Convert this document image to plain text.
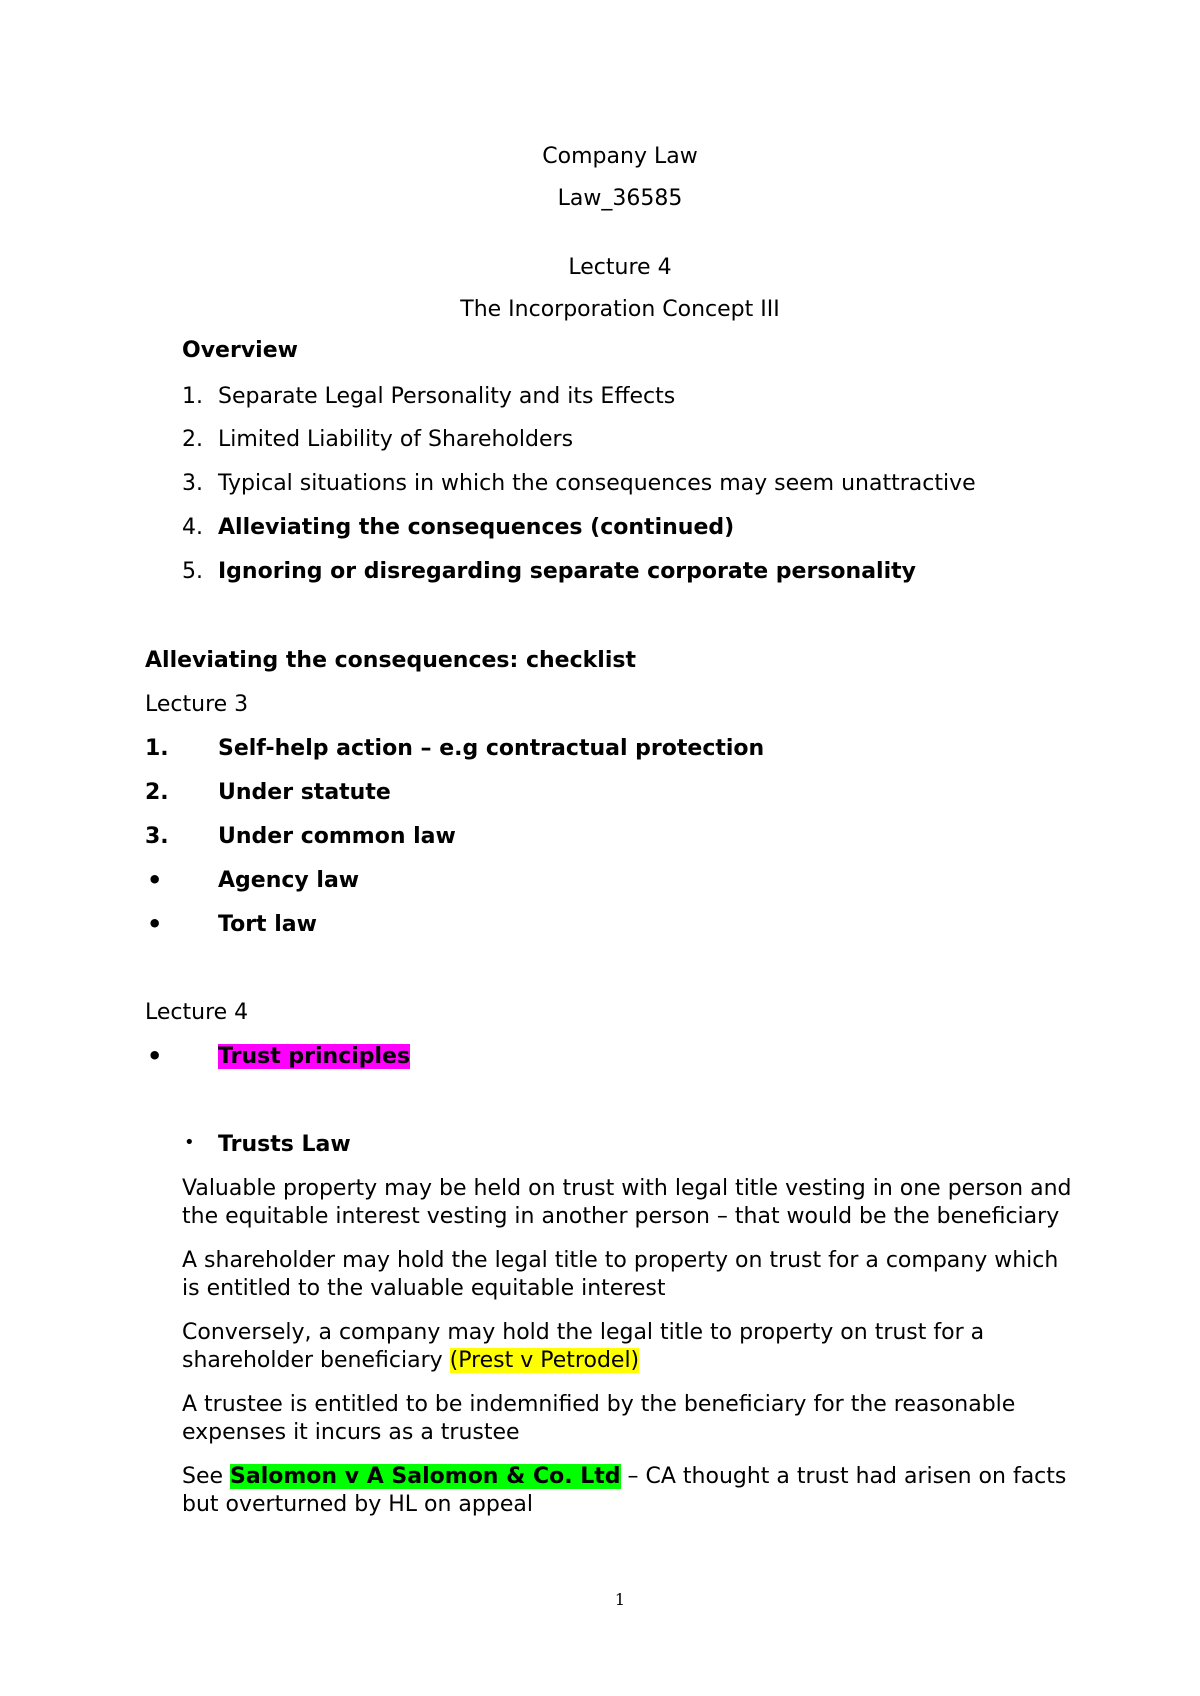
Company Law
Law_36585
Lecture 4
The Incorporation Concept III
Overview
1. Separate Legal Personality and its Effects
2. Limited Liability of Shareholders
3. Typical situations in which the consequences may seem unattractive
4. Alleviating the consequences (continued)
5. Ignoring or disregarding separate corporate personality
Alleviating the consequences: checklist
Lecture 3
1. Self-help action – e.g contractual protection
2. Under statute
3. Under common law
•	Agency law
•	Tort law
Lecture 4
•	Trust principles
• Trusts Law
Valuable property may be held on trust with legal title vesting in one person and the equitable interest vesting in another person – that would be the beneficiary
A shareholder may hold the legal title to property on trust for a company which is entitled to the valuable equitable interest
Conversely, a company may hold the legal title to property on trust for a shareholder beneficiary (Prest v Petrodel)
A trustee is entitled to be indemnified by the beneficiary for the reasonable expenses it incurs as a trustee
See Salomon v A Salomon & Co. Ltd – CA thought a trust had arisen on facts but overturned by HL on appeal
1
